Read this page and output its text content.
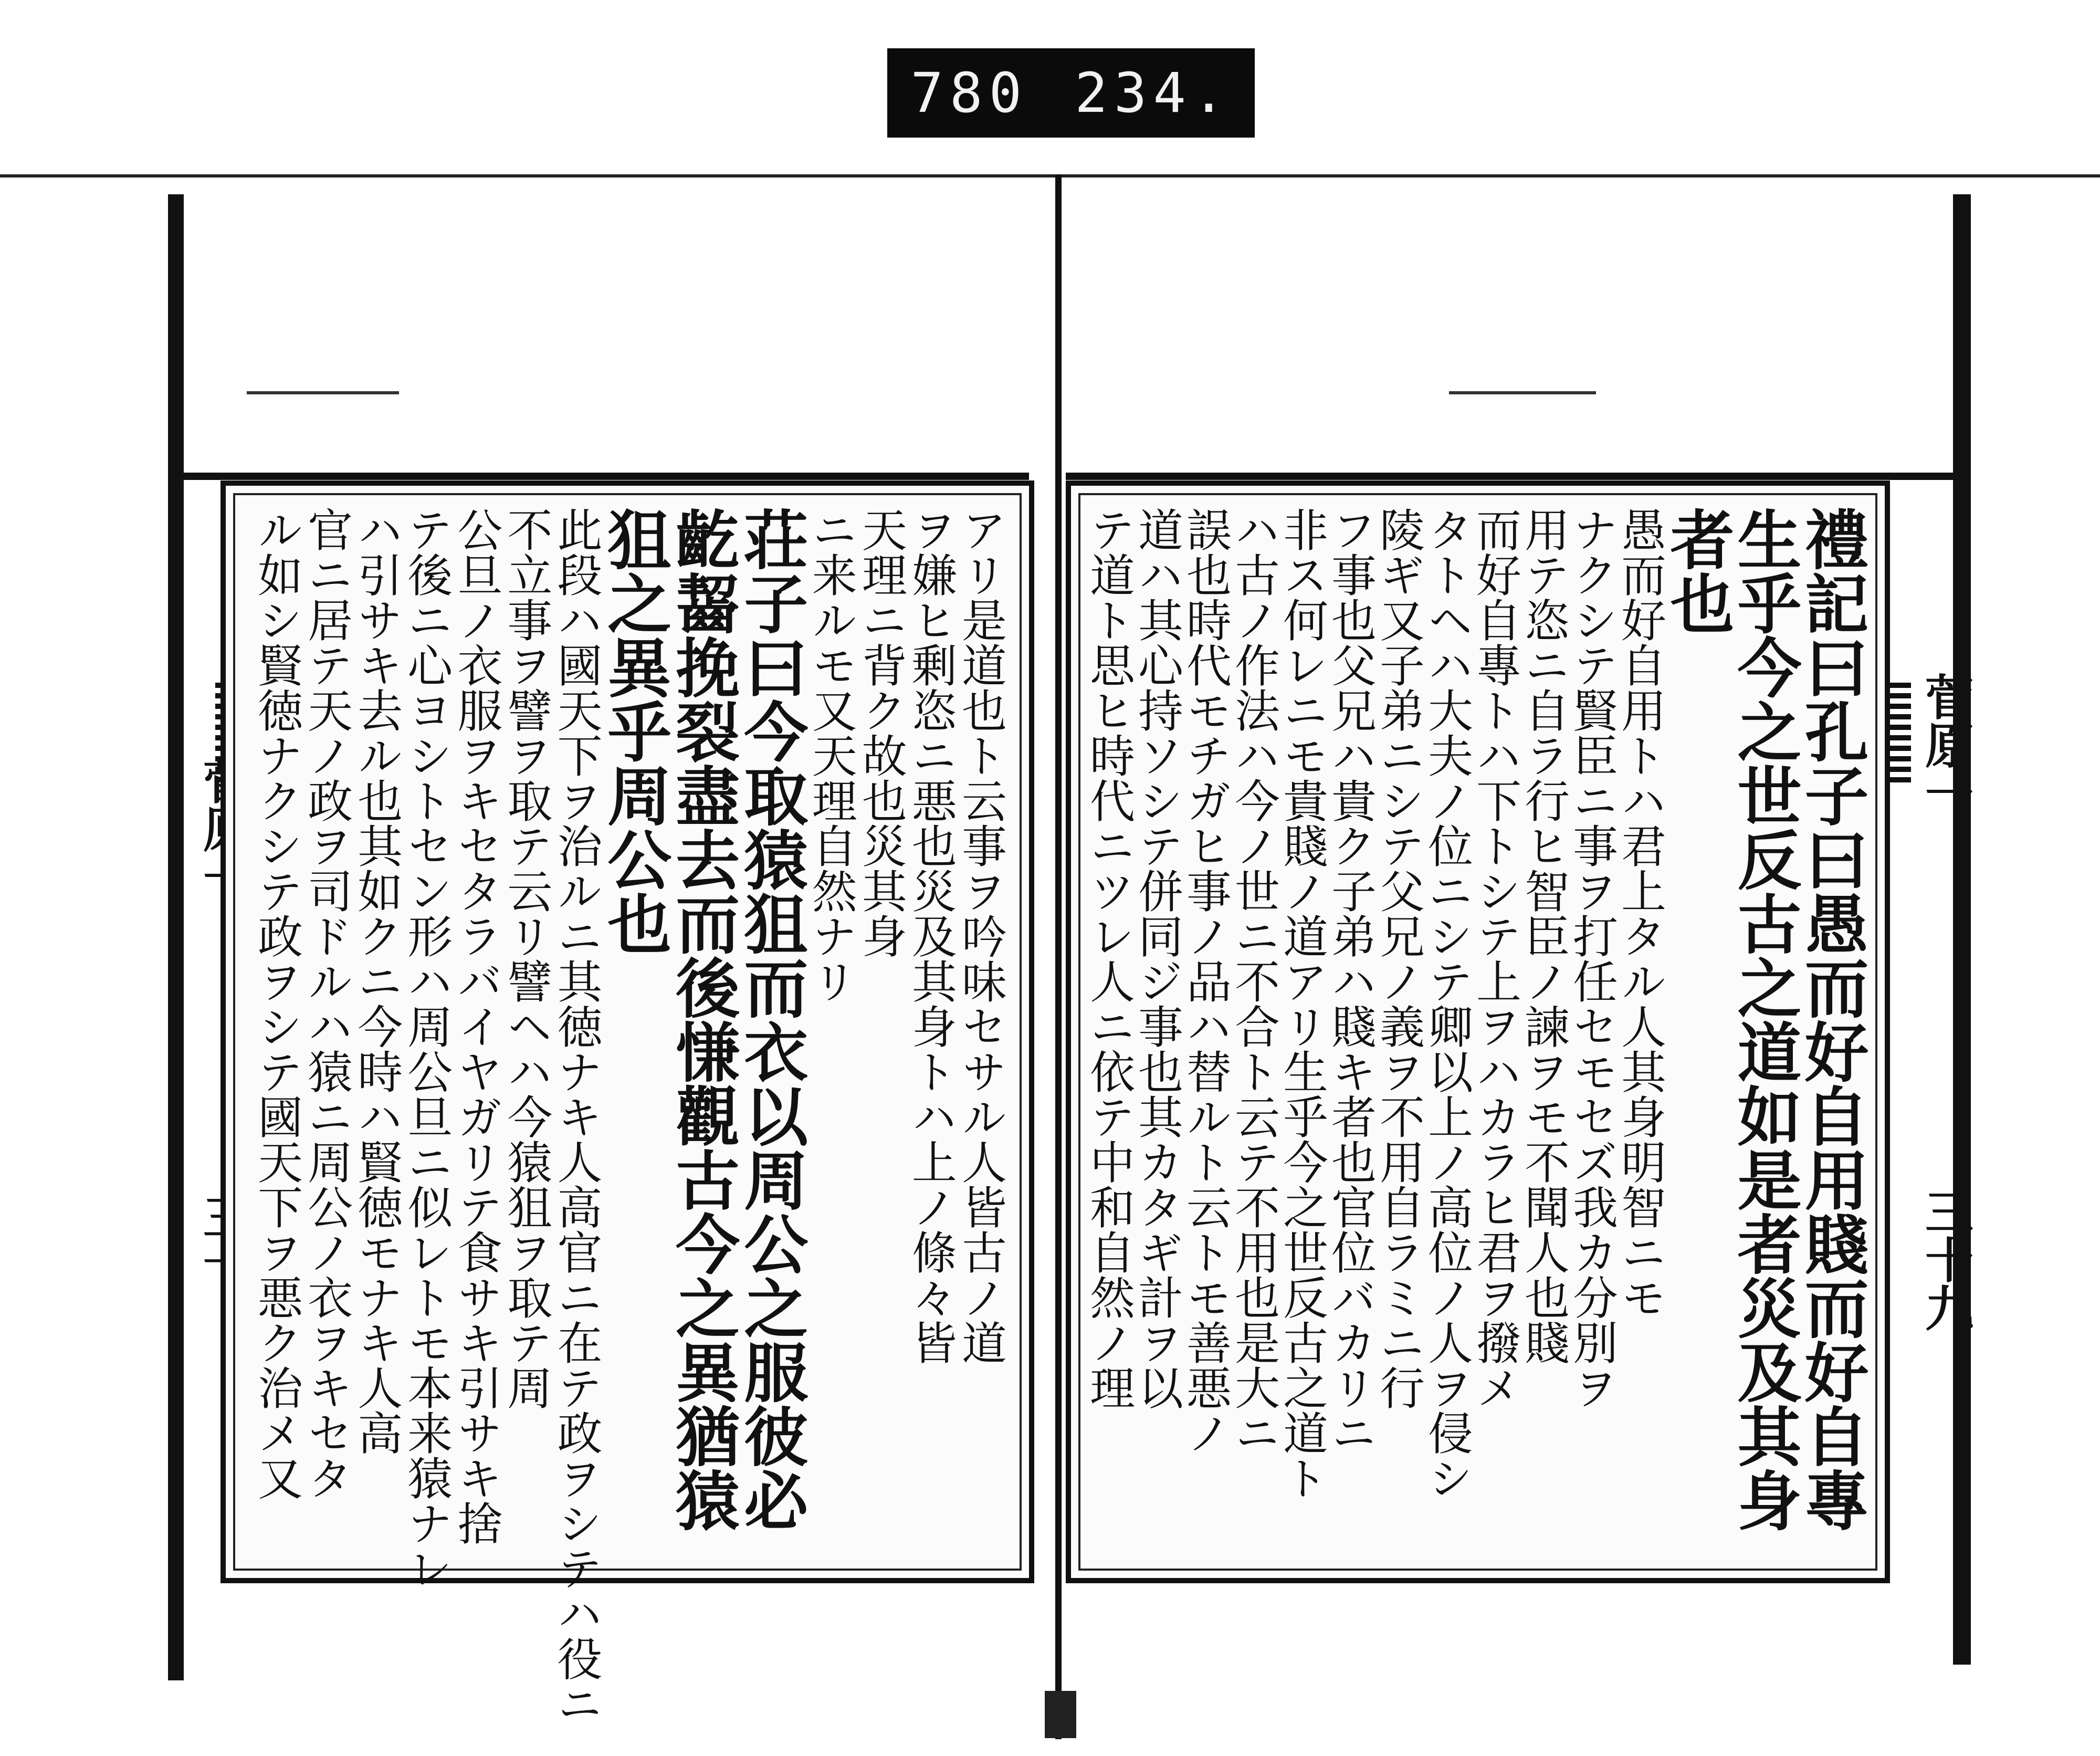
780 234.
菅原一
三十九
アリ是道也ト云事ヲ吟味セサル人皆古ノ道
ヲ嫌ヒ剰恣ニ悪也災及其身トハ上ノ條々皆
天理ニ背ク故也災其身
ニ来ルモ又天理自然ナリ
荘子曰今取猿狙而衣以周公之服彼必
齕齧挽裂盡去而後慊觀古今之異猶猿
狙之異乎周公也
此段ハ國天下ヲ治ルニ其徳ナキ人高官ニ在テ政ヲシテハ役ニ
不立事ヲ譬ヲ取テ云リ譬ヘハ今猿狙ヲ取テ周
公旦ノ衣服ヲキセタラバイヤガリテ食サキ引サキ捨
テ後ニ心ヨシトセン形ハ周公旦ニ似レトモ本来猿ナレ
ハ引サキ去ル也其如クニ今時ハ賢徳モナキ人高
官ニ居テ天ノ政ヲ司ドルハ猿ニ周公ノ衣ヲキセタ
ル如シ賢徳ナクシテ政ヲシテ國天下ヲ悪ク治メ又	禮記曰孔子曰愚而好自用賤而好自專
生乎今之世反古之道如是者災及其身
者也
愚而好自用トハ君上タル人其身明智ニモ
ナクシテ賢臣ニ事ヲ打任セモセズ我カ分別ヲ
用テ恣ニ自ラ行ヒ智臣ノ諫ヲモ不聞人也賤
而好自專トハ下トシテ上ヲハカラヒ君ヲ撥メ
タトヘハ大夫ノ位ニシテ卿以上ノ高位ノ人ヲ侵シ
陵ギ又子弟ニシテ父兄ノ義ヲ不用自ラミニ行
フ事也父兄ハ貴ク子弟ハ賤キ者也官位バカリニ
非ス何レニモ貴賤ノ道アリ生乎今之世反古之道ト
ハ古ノ作法ハ今ノ世ニ不合ト云テ不用也是大ニ
誤也時代モチガヒ事ノ品ハ替ルト云トモ善悪ノ
道ハ其心持ソシテ併同ジ事也其カタギ計ヲ以
テ道ト思ヒ時代ニツレ人ニ依テ中和自然ノ理
